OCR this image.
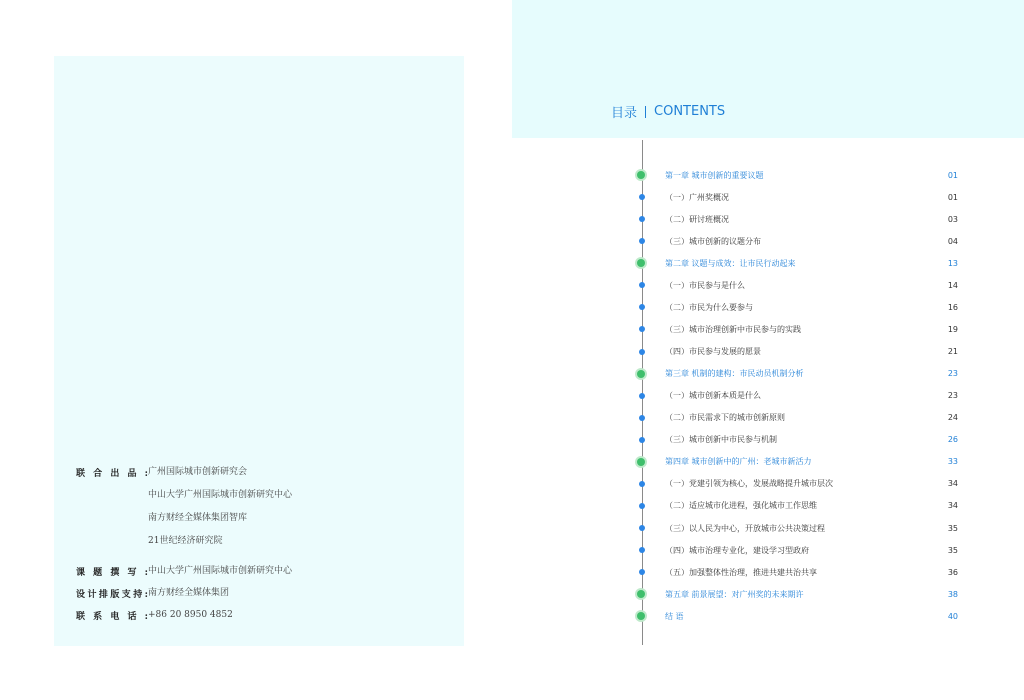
联合出品: 广州国际城市创新研究会
中山大学广州国际城市创新研究中心
南方财经全媒体集团智库
21世纪经济研究院
课题撰写: 中山大学广州国际城市创新研究中心
设计排版支持: 南方财经全媒体集团
联系电话: +86 20 8950 4852
目录 CONTENTS
第一章 城市创新的重要议题	01
（一）广州奖概况	01
（二）研讨班概况	03
（三）城市创新的议题分布	04
第二章 议题与成效：让市民行动起来	13
（一）市民参与是什么	14
（二）市民为什么要参与	16
（三）城市治理创新中市民参与的实践	19
（四）市民参与发展的愿景	21
第三章 机制的建构：市民动员机制分析	23
（一）城市创新本质是什么	23
（二）市民需求下的城市创新原则	24
（三）城市创新中市民参与机制	26
第四章 城市创新中的广州：老城市新活力	33
（一）党建引领为核心，发展战略提升城市层次	34
（二）适应城市化进程，强化城市工作思维	34
（三）以人民为中心，开放城市公共决策过程	35
（四）城市治理专业化，建设学习型政府	35
（五）加强整体性治理，推进共建共治共享	36
第五章 前景展望：对广州奖的未来期许	38
结 语	40
